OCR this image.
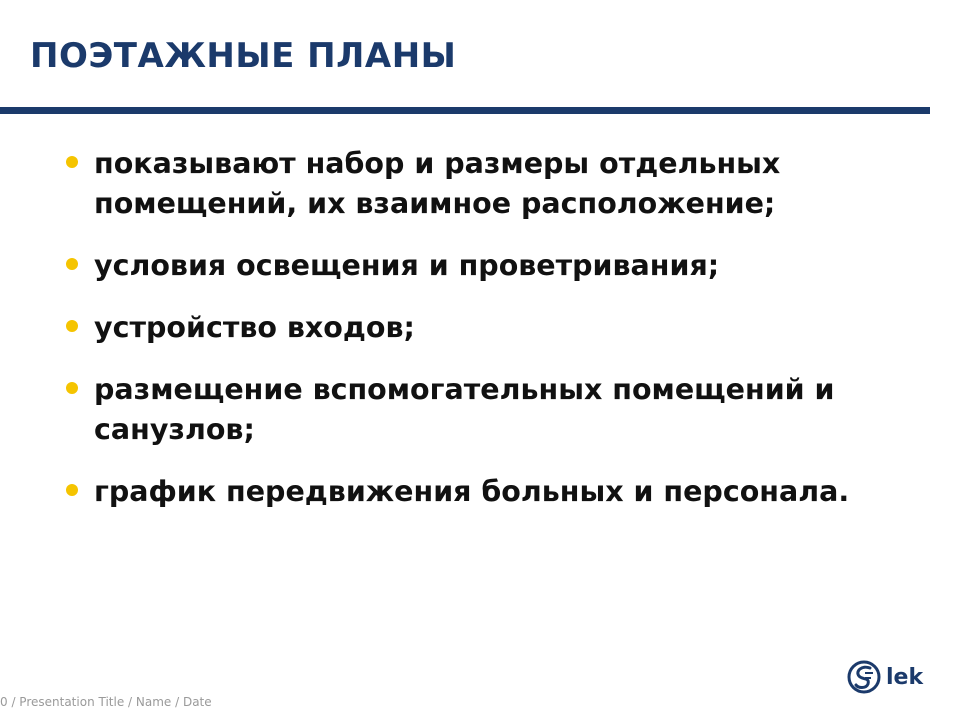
ПОЭТАЖНЫЕ ПЛАНЫ
показывают набор и размеры отдельных помещений, их взаимное расположение;
условия освещения и проветривания;
устройство входов;
размещение вспомогательных помещений и санузлов;
график передвижения больных и персонала.
0 / Presentation Title / Name / Date
lek
